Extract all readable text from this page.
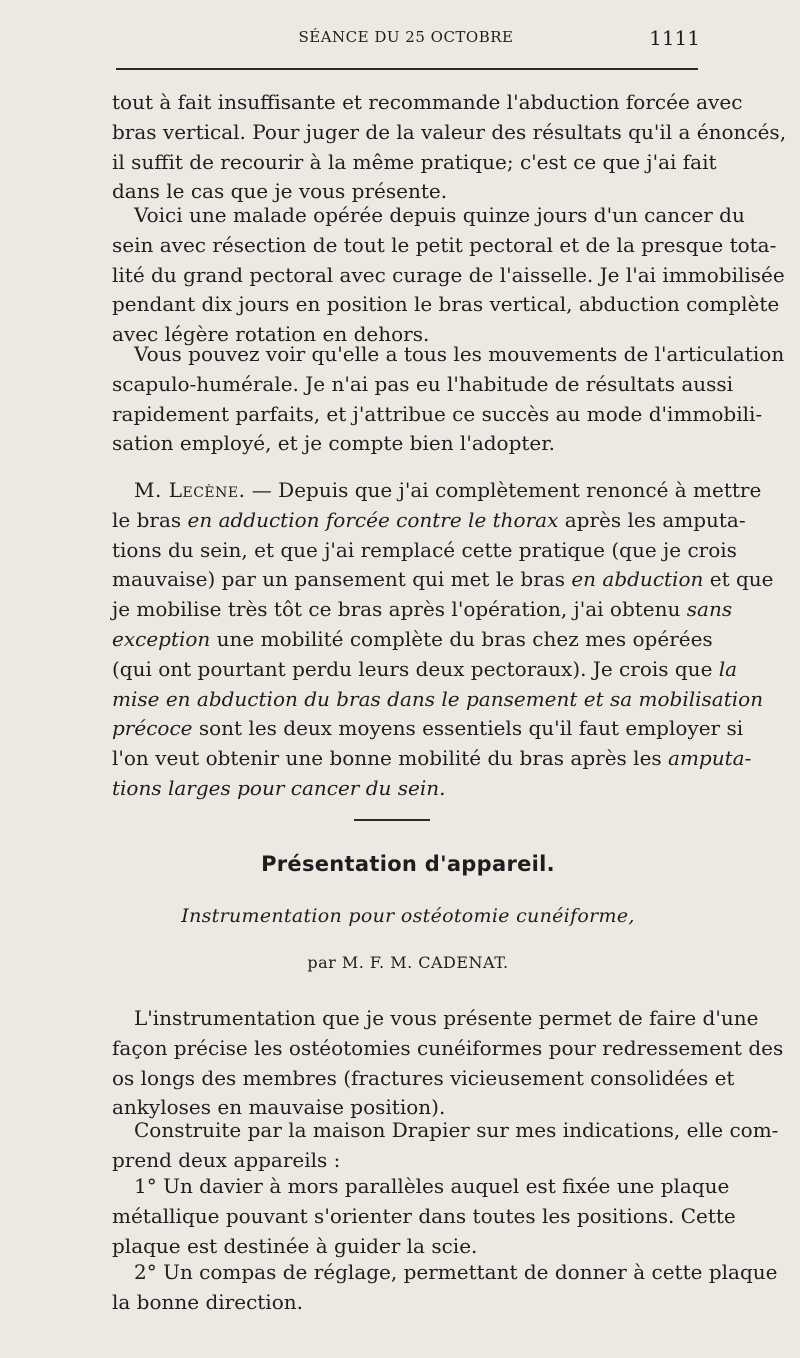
SÉANCE DU 25 OCTOBRE	1111
tout à fait insuffisante et recommande l'abduction forcée avec
bras vertical. Pour juger de la valeur des résultats qu'il a énoncés,
il suffit de recourir à la même pratique; c'est ce que j'ai fait
dans le cas que je vous présente.
Voici une malade opérée depuis quinze jours d'un cancer du
sein avec résection de tout le petit pectoral et de la presque tota-
lité du grand pectoral avec curage de l'aisselle. Je l'ai immobilisée
pendant dix jours en position le bras vertical, abduction complète
avec légère rotation en dehors.
Vous pouvez voir qu'elle a tous les mouvements de l'articulation
scapulo-humérale. Je n'ai pas eu l'habitude de résultats aussi
rapidement parfaits, et j'attribue ce succès au mode d'immobili-
sation employé, et je compte bien l'adopter.
M. Lecène. — Depuis que j'ai complètement renoncé à mettre
le bras en adduction forcée contre le thorax après les amputa-
tions du sein, et que j'ai remplacé cette pratique (que je crois
mauvaise) par un pansement qui met le bras en abduction et que
je mobilise très tôt ce bras après l'opération, j'ai obtenu sans
exception une mobilité complète du bras chez mes opérées
(qui ont pourtant perdu leurs deux pectoraux). Je crois que la
mise en abduction du bras dans le pansement et sa mobilisation
précoce sont les deux moyens essentiels qu'il faut employer si
l'on veut obtenir une bonne mobilité du bras après les amputa-
tions larges pour cancer du sein.
Présentation d'appareil.
Instrumentation pour ostéotomie cunéiforme,
par M. F. M. CADENAT.
L'instrumentation que je vous présente permet de faire d'une
façon précise les ostéotomies cunéiformes pour redressement des
os longs des membres (fractures vicieusement consolidées et
ankyloses en mauvaise position).
Construite par la maison Drapier sur mes indications, elle com-
prend deux appareils :
1° Un davier à mors parallèles auquel est fixée une plaque
métallique pouvant s'orienter dans toutes les positions. Cette
plaque est destinée à guider la scie.
2° Un compas de réglage, permettant de donner à cette plaque
la bonne direction.
